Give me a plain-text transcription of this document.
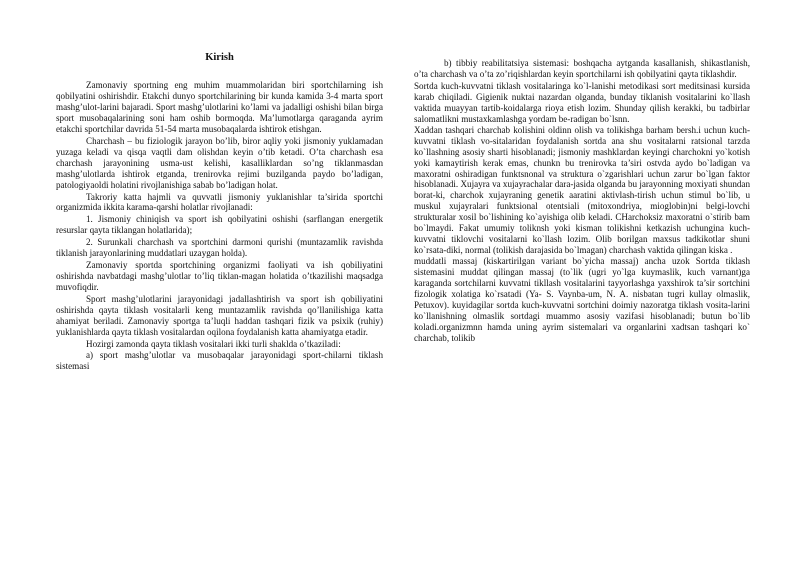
Kirish

Zamonaviy sportning eng muhim muammolaridan biri sportchilarning ish qobilyatini oshirishdir. Etakchi dunyo sportchilarining bir kunda kamida 3-4 marta sport mashg’ulot-larini bajaradi. Sport mashg’ulotlarini ko’lami va jadalligi oshishi bilan birga sport musobaqalarining soni ham oshib bormoqda. Ma’lumotlarga qaraganda ayrim etakchi sportchilar davrida 51-54 marta musobaqalarda ishtirok etishgan.

Charchash – bu fiziologik jarayon bo’lib, biror aqliy yoki jismoniy yuklamadan yuzaga keladi va qisqa vaqtli dam olishdan keyin o’tib ketadi. O’ta charchash esa charchash jarayonining usma-ust kelishi, kasalliklardan so’ng tiklanmasdan mashg’ulotlarda ishtirok etganda, trenirovka rejimi buzilganda paydo bo’ladigan, patologiyaoldi holatini rivojlanishiga sabab bo’ladigan holat.

Takroriy katta hajmli va quvvatli jismoniy yuklanishlar ta’sirida sportchi organizmida ikkita karama-qarshi holatlar rivojlanadi:

1. Jismoniy chiniqish va sport ish qobilyatini oshishi (sarflangan energetik resurslar qayta tiklangan holatlarida);

2. Surunkali charchash va sportchini darmoni qurishi (muntazamlik ravishda tiklanish jarayonlarining muddatlari uzaygan holda).

Zamonaviy sportda sportchining organizmi faoliyati va ish qobiliyatini oshirishda navbatdagi mashg’ulotlar to’liq tiklan-magan holatida o’tkazilishi maqsadga muvofiqdir.

Sport mashg’ulotlarini jarayonidagi jadallashtirish va sport ish qobiliyatini oshirishda qayta tiklash vositalarli keng muntazamlik ravishda qo’llanilishiga katta ahamiyat beriladi. Zamonaviy sportga ta’luqli haddan tashqari fizik va psixik (ruhiy) yuklanishlarda qayta tiklash vositalardan oqilona foydalanish katta ahamiyatga etadir.

Hozirgi zamonda qayta tiklash vositalari ikki turli shaklda o’tkaziladi:

a) sport mashg’ulotlar va musobaqalar jarayonidagi sport-chilarni tiklash sistemasi

b) tibbiy reabilitatsiya sistemasi: boshqacha aytganda kasallanish, shikastlanish, o’ta charchash va o’ta zo’riqishlardan keyin sportchilarni ish qobilyatini qayta tiklashdir.

Sortda kuch-kuvvatni tiklash vositalaringa ko`l-lanishi metodikasi sort meditsinasi kursida karab chiqiladi. Gigienik nuktai nazardan olganda, bunday tiklanish vositalarini ko`llash vaktida muayyan tartib-koidalarga rioya etish lozim. Shunday qilish kerakki, bu tadbirlar salomatlikni mustaxkamlashga yordam be-radigan bo`lsnn.

Xaddan tashqari charchab kolishini oldinn olish va tolikishga barham bersh.i uchun kuch-kuvvatni tiklash vo-sitalaridan foydalanish sortda ana shu vositalarni ratsional tarzda ko`llashning asosiy sharti hisoblanadi; jismoniy mashklardan keyingi charchokni yo`kotish yoki kamaytirish kerak emas, chunkn bu trenirovka ta’siri ostvda aydo bo`ladigan va maxoratni oshiradigan funktsnonal va struktura o`zgarishlari uchun zarur bo`lgan faktor hisoblanadi. Xujayra va xujayrachalar dara-jasida olganda bu jarayonning moxiyati shundan borat-ki, charchok xujayraning genetik aaratini aktivlash-tirish uchun stimul bo`lib, u muskul xujayralari funktsional otentsiali (mitoxondriya, mioglobin)ni belgi-lovchi strukturalar xosil bo`lishining ko`ayishiga olib keladi. CHarchoksiz maxoratni o`stirib bam bo`lmaydi. Fakat umumiy toliknsh yoki kisman tolikishni ketkazish uchungina kuch-kuvvatni tiklovchi vositalarni ko`llash lozim. Olib borilgan maxsus tadkikotlar shuni ko`rsata-diki, normal (tolikish darajasida bo`lmagan) charchash vaktida qilingan kiska .

muddatli massaj (kiskartirilgan variant bo`yicha massaj) ancha uzok Sortda tiklash sistemasini muddat qilingan massaj (to`lik (ugri yo`lga kuymaslik, kuch varnant)ga karaganda sortchilarni kuvvatni tikllash vositalarini tayyorlashga yaxshirok ta’sir sortchini fizologik xolatiga ko`rsatadi (Ya- S. Vaynba-um, N. A. nisbatan tugri kullay olmaslik, Petuxov). kuyidagilar sortda kuch-kuvvatni sortchini doimiy nazoratga tiklash vosita-larini ko`llanishning olmaslik sortdagi muammo asosiy vazifasi hisoblanadi; butun bo`lib koladi.organizmnn hamda uning ayrim sistemalari va organlarini xadtsan tashqari ko` charchab, tolikib
